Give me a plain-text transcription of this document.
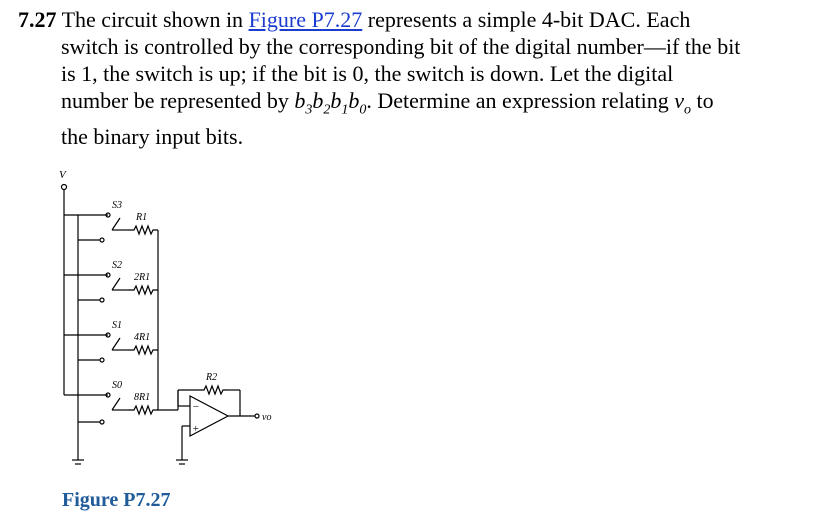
7.27 The circuit shown in Figure P7.27 represents a simple 4-bit DAC. Each
switch is controlled by the corresponding bit of the digital number—if the bit
is 1, the switch is up; if the bit is 0, the switch is down. Let the digital
number be represented by $b_3b_2b_1b_0$. Determine an expression relating $v_o$ to
the binary input bits.
V
S3
R1
S2
2R1
S1
4R1
S0
8R1
R2
vo
−
+
Figure P7.27
